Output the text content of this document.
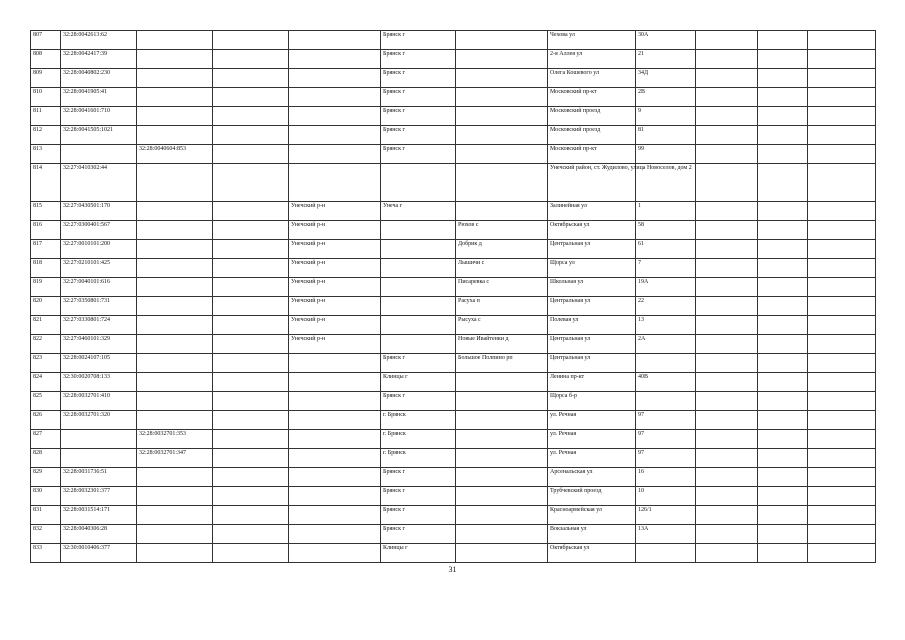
807	32:28:0042613:62				Брянск г		Чехова ул	30А			
808	32:28:0042417:39				Брянск г		2-я Аллея ул	21			
809	32:28:0040802:230				Брянск г		Олега Кошевого ул	34Д			
810	32:28:0041905:41				Брянск г		Московский пр-кт	2В			
811	32:28:0041601:710				Брянск г		Московский проезд	9			
812	32:28:0041505:1021				Брянск г		Московский проезд	81			
813		32:28:0040604:853			Брянск г		Московский пр-кт	99			
814	32:27:0410302:44						Унечский район, ст. Жудилово, улица Новоселов, дом 2				
815	32:27:0430501:170			Унечский р-н	Унеча г		Залинейная ул	1			
816	32:27:0300401:567			Унечский р-н		Рюхов с	Октябрьская ул	58			
817	32:27:0010101:200			Унечский р-н		Добрик д	Центральная ул	61			
818	32:27:0210101:425			Унечский р-н		Лышичи с	Щорса ул	7			
819	32:27:0040101:616			Унечский р-н		Писаревка с	Школьная ул	19А			
820	32:27:0350801:731			Унечский р-н		Расуха п	Центральная ул	22			
821	32:27:0330801:724			Унечский р-н		Рысуха с	Полевая ул	13			
822	32:27:0460101:329			Унечский р-н		Новые Ивайтенки д	Центральная ул	2А			
823	32:28:0024107:105				Брянск г	Большое Полпино рп	Центральная ул				
824	32:30:0020708:133				Клинцы г		Ленина пр-кт	40В			
825	32:28:0032701:410				Брянск г		Щорса б-р				
826	32:28:0032701:320				г. Брянск		ул. Речная	97			
827		32:28:0032701:353			г. Брянск		ул. Речная	97			
828		32:28:0032701:347			г. Брянск		ул. Речная	97			
829	32:28:0031736:51				Брянск г		Арсенальская ул	16			
830	32:28:0032301:377				Брянск г		Трубчевский проезд	10			
831	32:28:0031514:171				Брянск г		Красноармейская ул	126/1			
832	32:28:0040306:28				Брянск г		Вокзальная ул	13А			
833	32:30:0010406:377				Клинцы г		Октябрьская ул				
31
